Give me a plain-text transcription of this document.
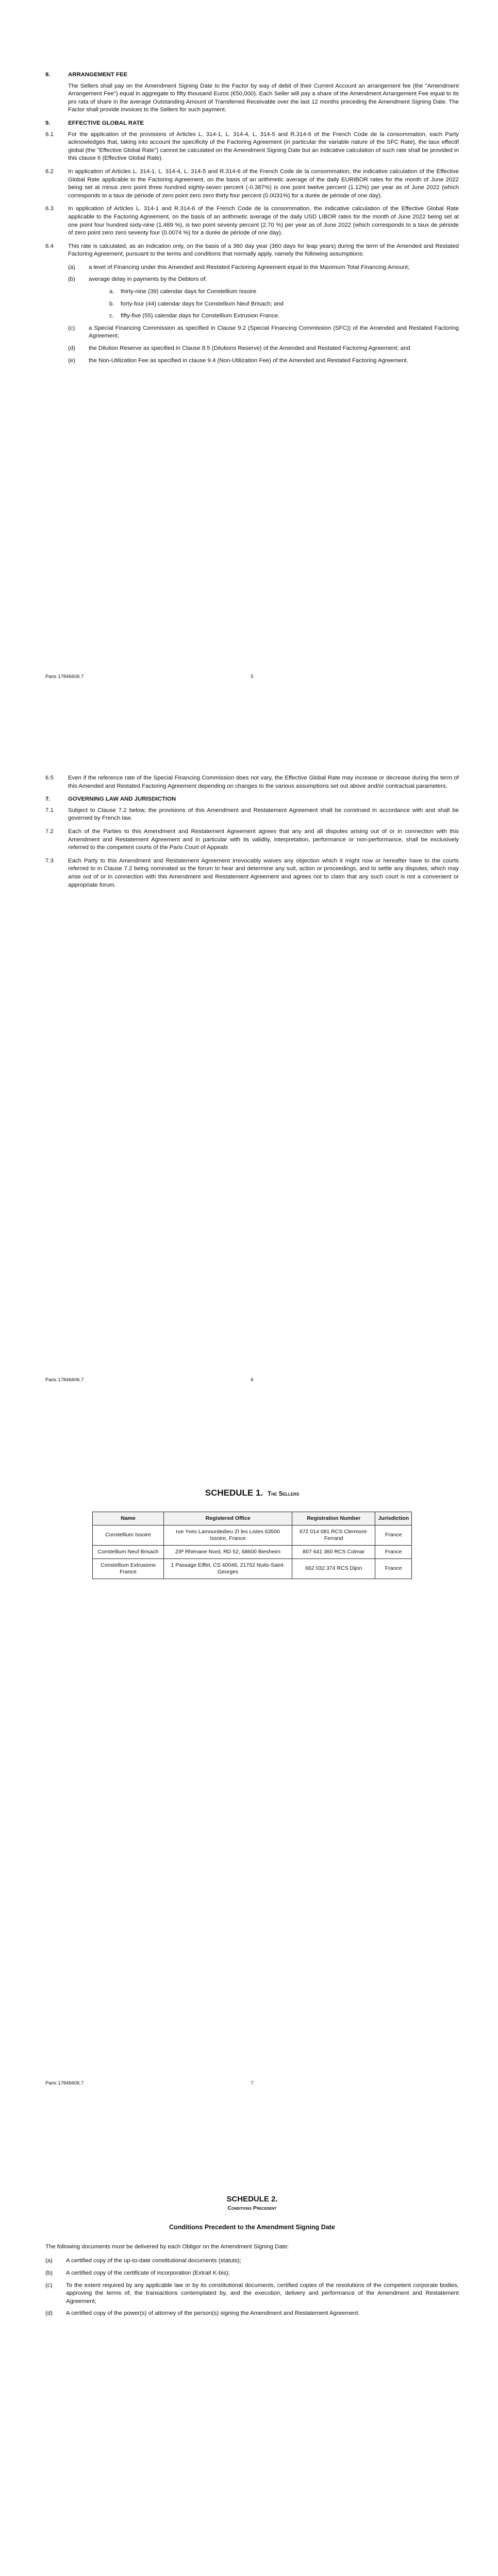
8.	ARRANGEMENT FEE
The Sellers shall pay on the Amendment Signing Date to the Factor by way of debit of their Current Account an arrangement fee (the "Amendment Arrangement Fee") equal in aggregate to fifty thousand Euros (€50,000). Each Seller will pay a share of the Amendment Arrangement Fee equal to its pro rata of share in the average Outstanding Amount of Transferred Receivable over the last 12 months preceding the Amendment Signing Date. The Factor shall provide invoices to the Sellers for such payment.
9.	EFFECTIVE GLOBAL RATE
6.1	For the application of the provisions of Articles L. 314-1, L. 314-4, L. 314-5 and R.314-6 of the French Code de la consommation, each Party acknowledges that, taking into account the specificity of the Factoring Agreement (in particular the variable nature of the SFC Rate), the taux effectif global (the "Effective Global Rate") cannot be calculated on the Amendment Signing Date but an indicative calculation of such rate shall be provided in this clause 6 (Effective Global Rate).
6.2	In application of Articles L. 314-1, L. 314-4, L. 314-5 and R.314-6 of the French Code de la consommation, the indicative calculation of the Effective Global Rate applicable to the Factoring Agreement, on the basis of an arithmetic average of the daily EURIBOR rates for the month of June 2022 being set at minus zero point three hundred eighty-seven percent (-0.387%) is one point twelve percent (1.12%) per year as of June 2022 (which corresponds to a taux de période of zero point zero zero thirty four percent (0.0031%) for a durée de période of one day).
6.3	In application of Articles L. 314-1 and R.314-6 of the French Code de la consommation, the indicative calculation of the Effective Global Rate applicable to the Factoring Agreement, on the basis of an arithmetic average of the daily USD LIBOR rates for the month of June 2022 being set at one point four hundred sixty-nine (1.469 %), is two point seventy percent (2.70 %) per year as of June 2022 (which corresponds to a taux de période of zero point zero zero seventy four (0.0074 %) for a durée de période of one day).
6.4	This rate is calculated, as an indication only, on the basis of a 360 day year (360 days for leap years) during the term of the Amended and Restated Factoring Agreement, pursuant to the terms and conditions that normally apply, namely the following assumptions:
(a)	a level of Financing under this Amended and Restated Factoring Agreement equal to the Maximum Total Financing Amount;
(b)	average delay in payments by the Debtors of:
a.	thirty-nine (39) calendar days for Constellium Issoire
b.	forty-four (44) calendar days for Constellium Neuf Brisach; and
c.	fifty-five (55) calendar days for Constellium Extrusion France.
(c)	a Special Financing Commission as specified in Clause 9.2 (Special Financing Commission (SFC)) of the Amended and Restated Factoring Agreement;
(d)	the Dilution Reserve as specified in Clause 8.5 (Dilutions Reserve) of the Amended and Restated Factoring Agreement; and
(e)	the Non-Utilization Fee as specified in clause 9.4 (Non-Utilization Fee) of the Amended and Restated Factoring Agreement.
Paris 17846606.7	5
6.5	Even if the reference rate of the Special Financing Commission does not vary, the Effective Global Rate may increase or decrease during the term of this Amended and Restated Factoring Agreement depending on changes to the various assumptions set out above and/or contractual parameters.
7.	GOVERNING LAW AND JURISDICTION
7.1	Subject to Clause 7.2 below, the provisions of this Amendment and Restatement Agreement shall be construed in accordance with and shall be governed by French law.
7.2	Each of the Parties to this Amendment and Restatement Agreement agrees that any and all disputes arising out of or in connection with this Amendment and Restatement Agreement and in particular with its validity, interpretation, performance or non-performance, shall be exclusively referred to the competent courts of the Paris Court of Appeals
7.3	Each Party to this Amendment and Restatement Agreement irrevocably waives any objection which it might now or hereafter have to the courts referred to in Clause 7.2 being nominated as the forum to hear and determine any suit, action or proceedings, and to settle any disputes, which may arise out of or in connection with this Amendment and Restatement Agreement and agrees not to claim that any such court is not a convenient or appropriate forum.
Paris 17846606.7	6
SCHEDULE 1. The Sellers
Name	Registered Office	Registration Number	Jurisdiction
Constellium Issoire	rue Yves Lamourdedieu ZI les Listes 63500 Issoire, France	672 014 081 RCS Clermont-Ferrand	France
Constellium Neuf Brisach	ZIP Rhénane Nord, RD 52, 68600 Biesheim	807 641 360 RCS Colmar	France
Constellium Extrusions France	1 Passage Eiffel, CS 40046, 21702 Nuits-Saint-Georges	662 032 374 RCS Dijon	France
Paris 17846606.7	7
SCHEDULE 2.
Conditions Precedent
Conditions Precedent to the Amendment Signing Date
The following documents must be delivered by each Obligor on the Amendment Signing Date:
(a)	A certified copy of the up-to-date constitutional documents (statuts);
(b)	A certified copy of the certificate of incorporation (Extrait K-bis);
(c)	To the extent required by any applicable law or by its constitutional documents, certified copies of the resolutions of the competent corporate bodies, approving the terms of, the transactions contemplated by, and the execution, delivery and performance of the Amendment and Restatement Agreement;
(d)	A certified copy of the power(s) of attorney of the person(s) signing the Amendment and Restatement Agreement.
